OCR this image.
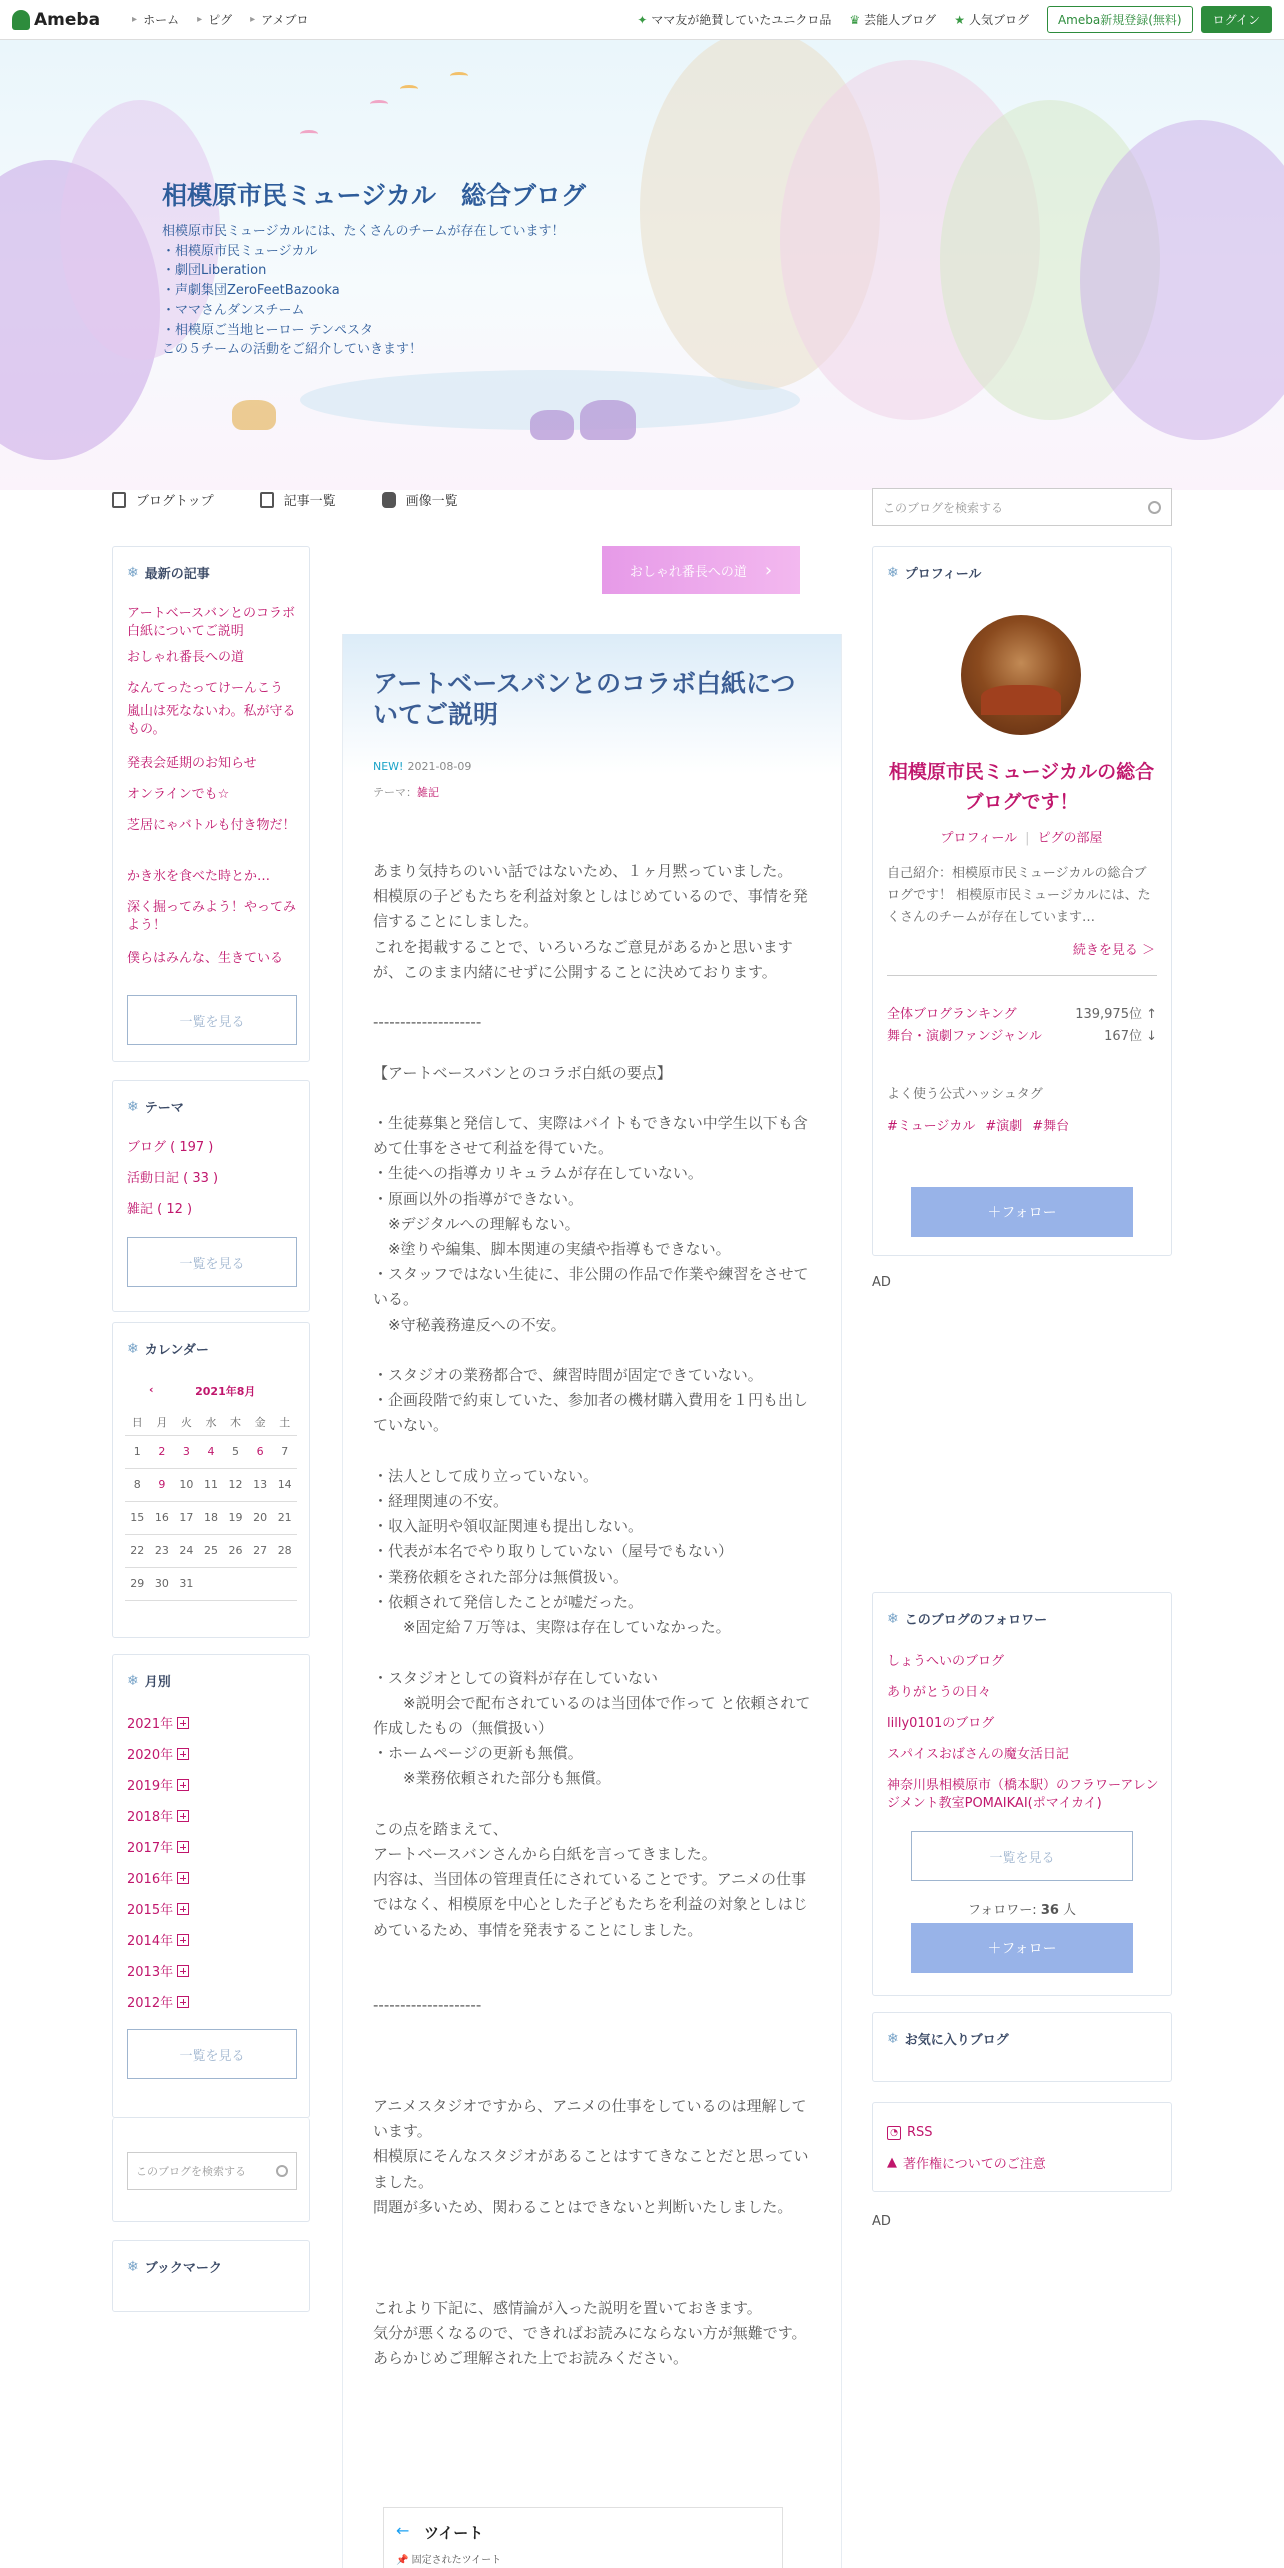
Ameba	▸ ホーム	▸ ピグ	▸ アメブロ	✦ ママ友が絶賛していたユニクロ品 ♛ 芸能人ブログ ★ 人気ブログ	Ameba新規登録(無料)	ログイン
相模原市民ミュージカル　総合ブログ
相模原市民ミュージカルには、たくさんのチームが存在しています！
・相模原市民ミュージカル
・劇団Liberation
・声劇集団ZeroFeetBazooka
・ママさんダンスチーム
・相模原ご当地ヒーロー テンペスタ
この５チームの活動をご紹介していきます！
ブログトップ	記事一覧	画像一覧	このブログを検索する
❄ 最新の記事
アートベースバンとのコラボ白紙についてご説明
おしゃれ番長への道
なんてったってけーんこう
嵐山は死なないわ。私が守るもの。
発表会延期のお知らせ
オンラインでも☆
芝居にゃバトルも付き物だ！
かき氷を食べた時とか…
深く掘ってみよう！やってみよう！
僕らはみんな、生きている
一覧を見る
❄ テーマ
ブログ ( 197 )
活動日記 ( 33 )
雑記 ( 12 )
一覧を見る
❄ カレンダー
‹	2021年8月
日	月	火	水	木	金	土
1	2	3	4	5	6	7
8	9	10	11	12	13	14
15	16	17	18	19	20	21
22	23	24	25	26	27	28
29	30	31				
❄ 月別
2021年
2020年
2019年
2018年
2017年
2016年
2015年
2014年
2013年
2012年
一覧を見る
このブログを検索する
❄ ブックマーク
おしゃれ番長への道 ›
アートベースバンとのコラボ白紙についてご説明
NEW! 2021-08-09
テーマ：雑記
あまり気持ちのいい話ではないため、１ヶ月黙っていました。
相模原の子どもたちを利益対象としはじめているので、事情を発信することにしました。
これを掲載することで、いろいろなご意見があるかと思いますが、このまま内緒にせずに公開することに決めております。

--------------------

【アートベースバンとのコラボ白紙の要点】

・生徒募集と発信して、実際はバイトもできない中学生以下も含めて仕事をさせて利益を得ていた。
・生徒への指導カリキュラムが存在していない。
・原画以外の指導ができない。
　※デジタルへの理解もない。
　※塗りや編集、脚本関連の実績や指導もできない。
・スタッフではない生徒に、非公開の作品で作業や練習をさせている。
　※守秘義務違反への不安。

・スタジオの業務都合で、練習時間が固定できていない。
・企画段階で約束していた、参加者の機材購入費用を１円も出していない。

・法人として成り立っていない。
・経理関連の不安。
・収入証明や領収証関連も提出しない。
・代表が本名でやり取りしていない（屋号でもない）
・業務依頼をされた部分は無償扱い。
・依頼されて発信したことが嘘だった。
　　※固定給７万等は、実際は存在していなかった。

・スタジオとしての資料が存在していない
　　※説明会で配布されているのは当団体で作って と依頼されて作成したもの（無償扱い）
・ホームページの更新も無償。
　　※業務依頼された部分も無償。

この点を踏まえて、
アートベースバンさんから白紙を言ってきました。
内容は、当団体の管理責任にされていることです。アニメの仕事ではなく、相模原を中心とした子どもたちを利益の対象としはじめているため、事情を発表することにしました。

--------------------

アニメスタジオですから、アニメの仕事をしているのは理解しています。
相模原にそんなスタジオがあることはすてきなことだと思っていました。
問題が多いため、関わることはできないと判断いたしました。

これより下記に、感情論が入った説明を置いておきます。
気分が悪くなるので、できればお読みにならない方が無難です。
あらかじめご理解された上でお読みください。
← ツイート
📌 固定されたツイート
❄ プロフィール
相模原市民ミュージカルの総合ブログです！
プロフィール | ピグの部屋
自己紹介：相模原市民ミュージカルの総合ブログです！ 相模原市民ミュージカルには、たくさんのチームが存在しています…
続きを見る ＞
全体ブログランキング	139,975位 ↑
舞台・演劇ファンジャンル	167位 ↓
よく使う公式ハッシュタグ
#ミュージカル #演劇 #舞台
＋フォロー
AD
❄ このブログのフォロワー
しょうへいのブログ
ありがとうの日々
lilly0101のブログ
スパイスおばさんの魔女活日記
神奈川県相模原市（橋本駅）のフラワーアレンジメント教室POMAIKAI(ポマイカイ)
一覧を見る
フォロワー: 36 人
＋フォロー
❄ お気に入りブログ
◔ RSS
▲ 著作権についてのご注意
AD
